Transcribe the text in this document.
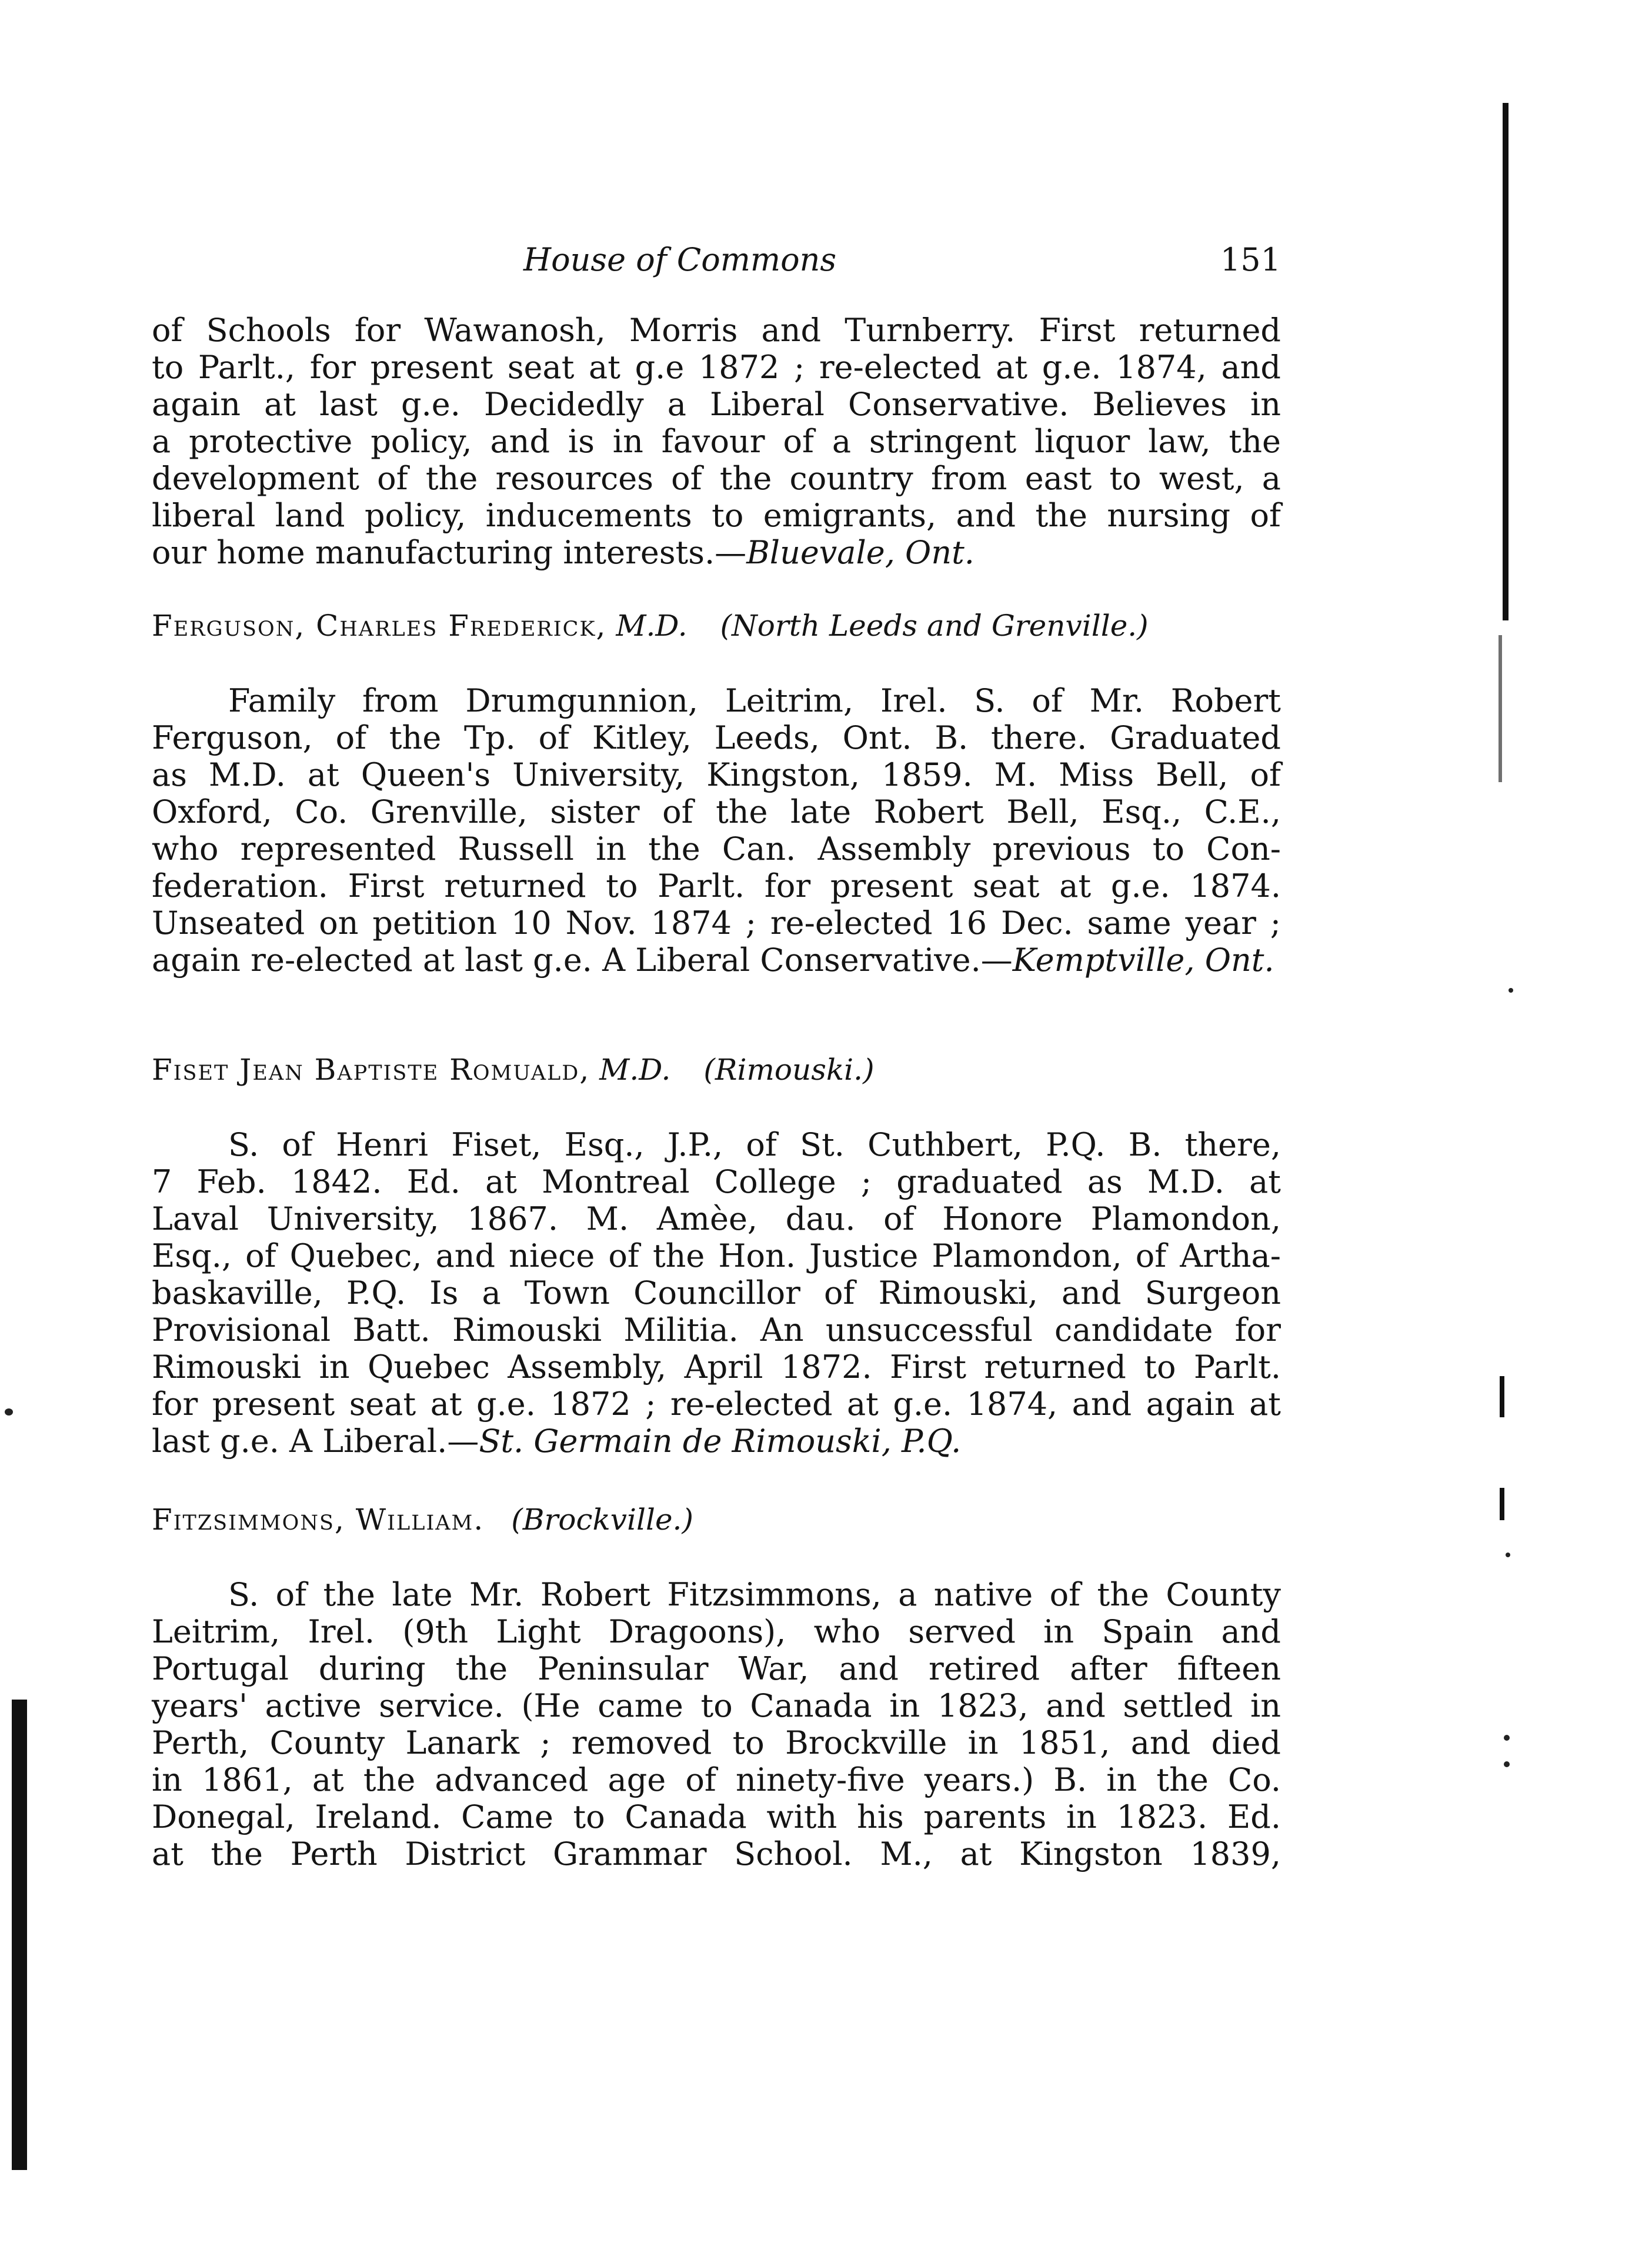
House of Commons	151
of Schools for Wawanosh, Morris and Turnberry. First returned
to Parlt., for present seat at g.e 1872 ; re-elected at g.e. 1874, and
again at last g.e. Decidedly a Liberal Conservative. Believes in
a protective policy, and is in favour of a stringent liquor law, the
development of the resources of the country from east to west, a
liberal land policy, inducements to emigrants, and the nursing of
our home manufacturing interests.—Bluevale, Ont.
Ferguson, Charles Frederick, M.D. (North Leeds and Grenville.)
Family from Drumgunnion, Leitrim, Irel. S. of Mr. Robert
Ferguson, of the Tp. of Kitley, Leeds, Ont. B. there. Graduated
as M.D. at Queen's University, Kingston, 1859. M. Miss Bell, of
Oxford, Co. Grenville, sister of the late Robert Bell, Esq., C.E.,
who represented Russell in the Can. Assembly previous to Con-
federation. First returned to Parlt. for present seat at g.e. 1874.
Unseated on petition 10 Nov. 1874 ; re-elected 16 Dec. same year ;
again re-elected at last g.e. A Liberal Conservative.—Kemptville, Ont.
Fiset Jean Baptiste Romuald, M.D. (Rimouski.)
S. of Henri Fiset, Esq., J.P., of St. Cuthbert, P.Q. B. there,
7 Feb. 1842. Ed. at Montreal College ; graduated as M.D. at
Laval University, 1867. M. Amèe, dau. of Honore Plamondon,
Esq., of Quebec, and niece of the Hon. Justice Plamondon, of Artha-
baskaville, P.Q. Is a Town Councillor of Rimouski, and Surgeon
Provisional Batt. Rimouski Militia. An unsuccessful candidate for
Rimouski in Quebec Assembly, April 1872. First returned to Parlt.
for present seat at g.e. 1872 ; re-elected at g.e. 1874, and again at
last g.e. A Liberal.—St. Germain de Rimouski, P.Q.
Fitzsimmons, William. (Brockville.)
S. of the late Mr. Robert Fitzsimmons, a native of the County
Leitrim, Irel. (9th Light Dragoons), who served in Spain and
Portugal during the Peninsular War, and retired after fifteen
years' active service. (He came to Canada in 1823, and settled in
Perth, County Lanark ; removed to Brockville in 1851, and died
in 1861, at the advanced age of ninety-five years.) B. in the Co.
Donegal, Ireland. Came to Canada with his parents in 1823. Ed.
at the Perth District Grammar School. M., at Kingston 1839,
